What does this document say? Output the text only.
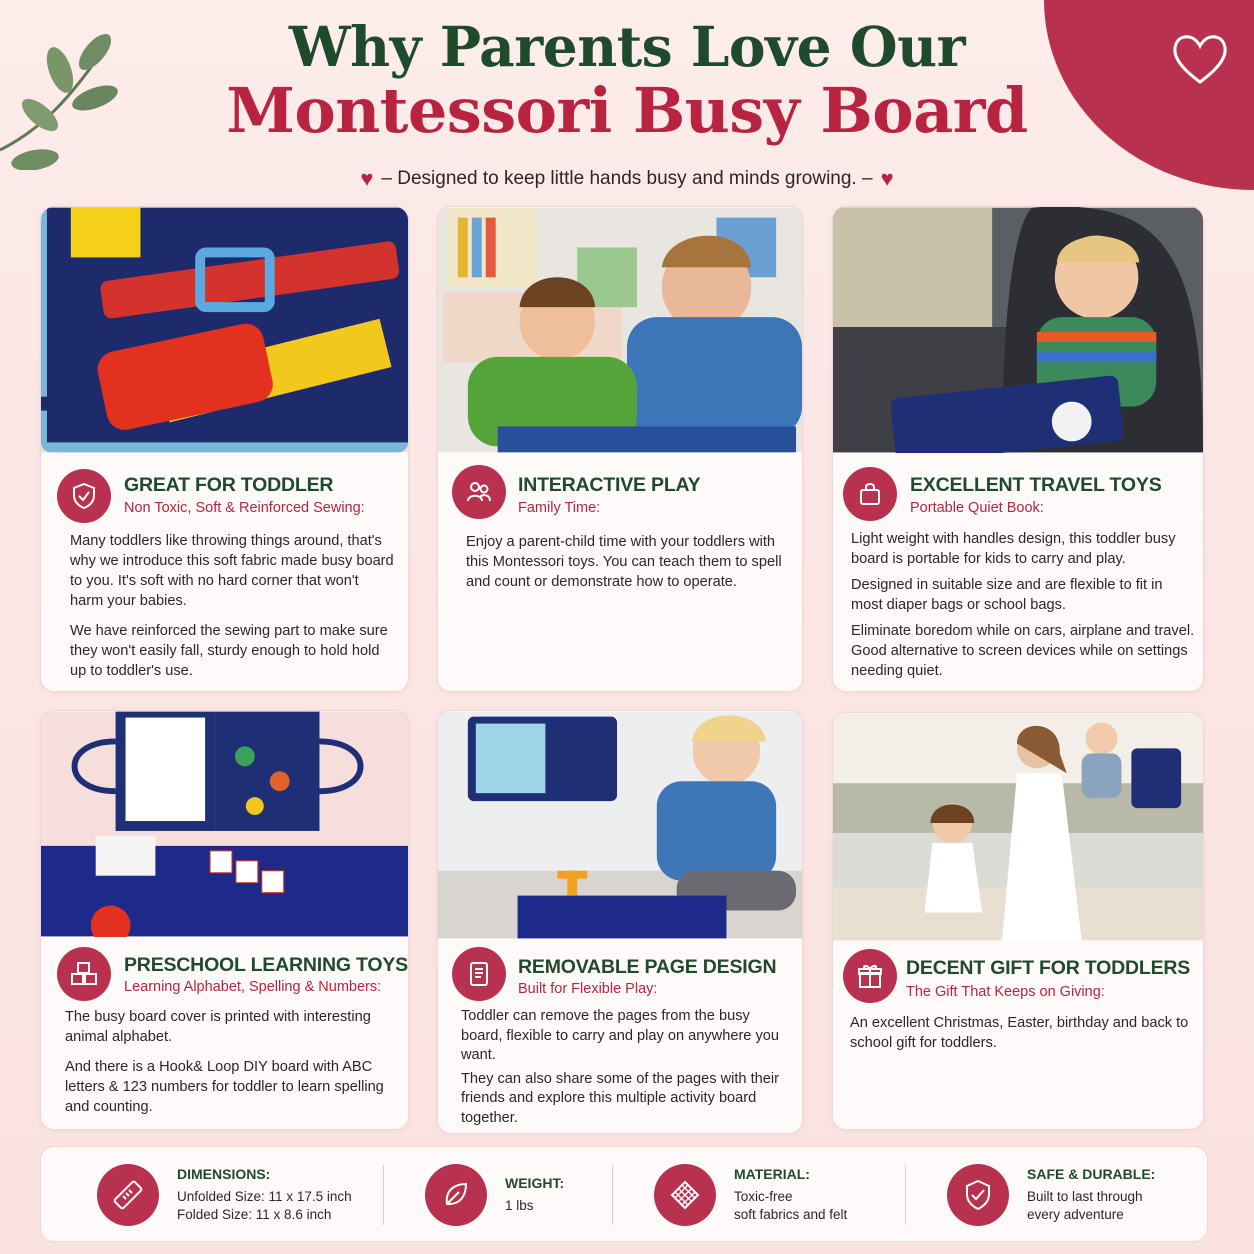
Why Parents Love Our
Montessori Busy Board
♥ – Designed to keep little hands busy and minds growing. – ♥
GREAT FOR TODDLER
Non Toxic, Soft & Reinforced Sewing:

Many toddlers like throwing things around, that's why we introduce this soft fabric made busy board to you. It's soft with no hard corner that won't harm your babies.

We have reinforced the sewing part to make sure they won't easily fall, sturdy enough to hold hold up to toddler's use.

INTERACTIVE PLAY
Family Time:

Enjoy a parent-child time with your toddlers with this Montessori toys. You can teach them to spell and count or demonstrate how to operate.

EXCELLENT TRAVEL TOYS
Portable Quiet Book:

Light weight with handles design, this toddler busy board is portable for kids to carry and play.

Designed in suitable size and are flexible to fit in most diaper bags or school bags.

Eliminate boredom while on cars, airplane and travel. Good alternative to screen devices while on settings needing quiet.

PRESCHOOL LEARNING TOYS
Learning Alphabet, Spelling & Numbers:

The busy board cover is printed with interesting animal alphabet.

And there is a Hook& Loop DIY board with ABC letters & 123 numbers for toddler to learn spelling and counting.

REMOVABLE PAGE DESIGN
Built for Flexible Play:

Toddler can remove the pages from the busy board, flexible to carry and play on anywhere you want.

They can also share some of the pages with their friends and explore this multiple activity board together.

DECENT GIFT FOR TODDLERS
The Gift That Keeps on Giving:

An excellent Christmas, Easter, birthday and back to school gift for toddlers.

DIMENSIONS:
Unfolded Size: 11 x 17.5 inch
Folded Size: 11 x 8.6 inch
WEIGHT:
1 lbs
MATERIAL:
Toxic-free
soft fabrics and felt
SAFE & DURABLE:
Built to last through
every adventure
